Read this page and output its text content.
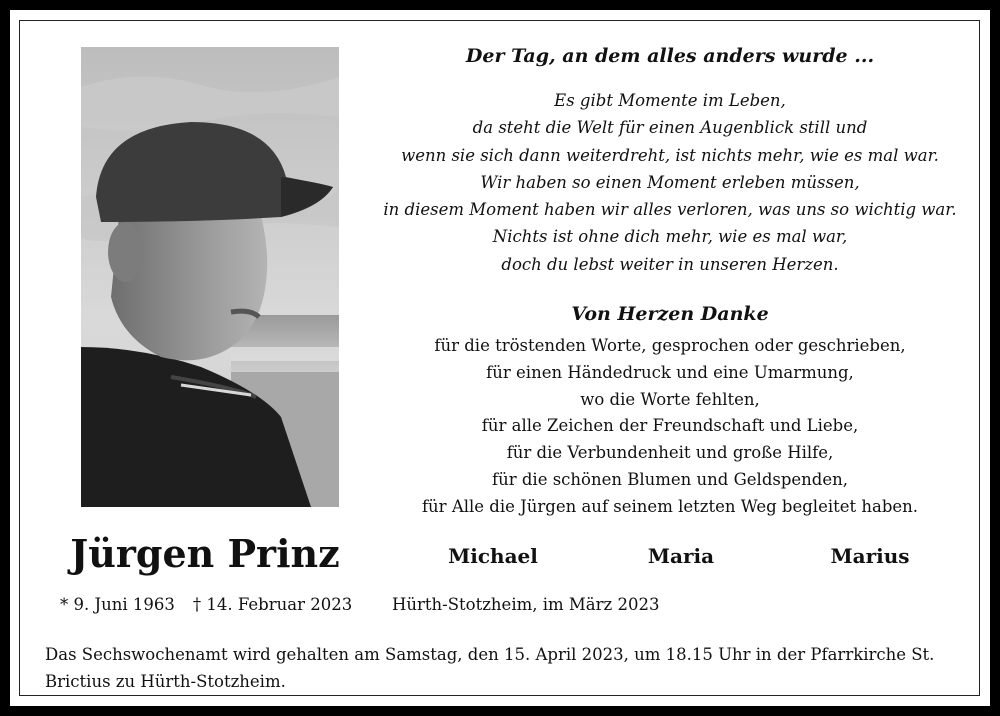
Der Tag, an dem alles anders wurde ...
Es gibt Momente im Leben,
da steht die Welt für einen Augenblick still und
wenn sie sich dann weiterdreht, ist nichts mehr, wie es mal war.
Wir haben so einen Moment erleben müssen,
in diesem Moment haben wir alles verloren, was uns so wichtig war.
Nichts ist ohne dich mehr, wie es mal war,
doch du lebst weiter in unseren Herzen.
Von Herzen Danke
für die tröstenden Worte, gesprochen oder geschrieben,
für einen Händedruck und eine Umarmung,
wo die Worte fehlten,
für alle Zeichen der Freundschaft und Liebe,
für die Verbundenheit und große Hilfe,
für die schönen Blumen und Geldspenden,
für Alle die Jürgen auf seinem letzten Weg begleitet haben.
Jürgen Prinz	Michael	Maria	Marius
* 9. Juni 1963 † 14. Februar 2023	Hürth-Stotzheim, im März 2023
Das Sechswochenamt wird gehalten am Samstag, den 15. April 2023, um 18.15 Uhr in der Pfarrkirche St. Brictius zu Hürth-Stotzheim.
